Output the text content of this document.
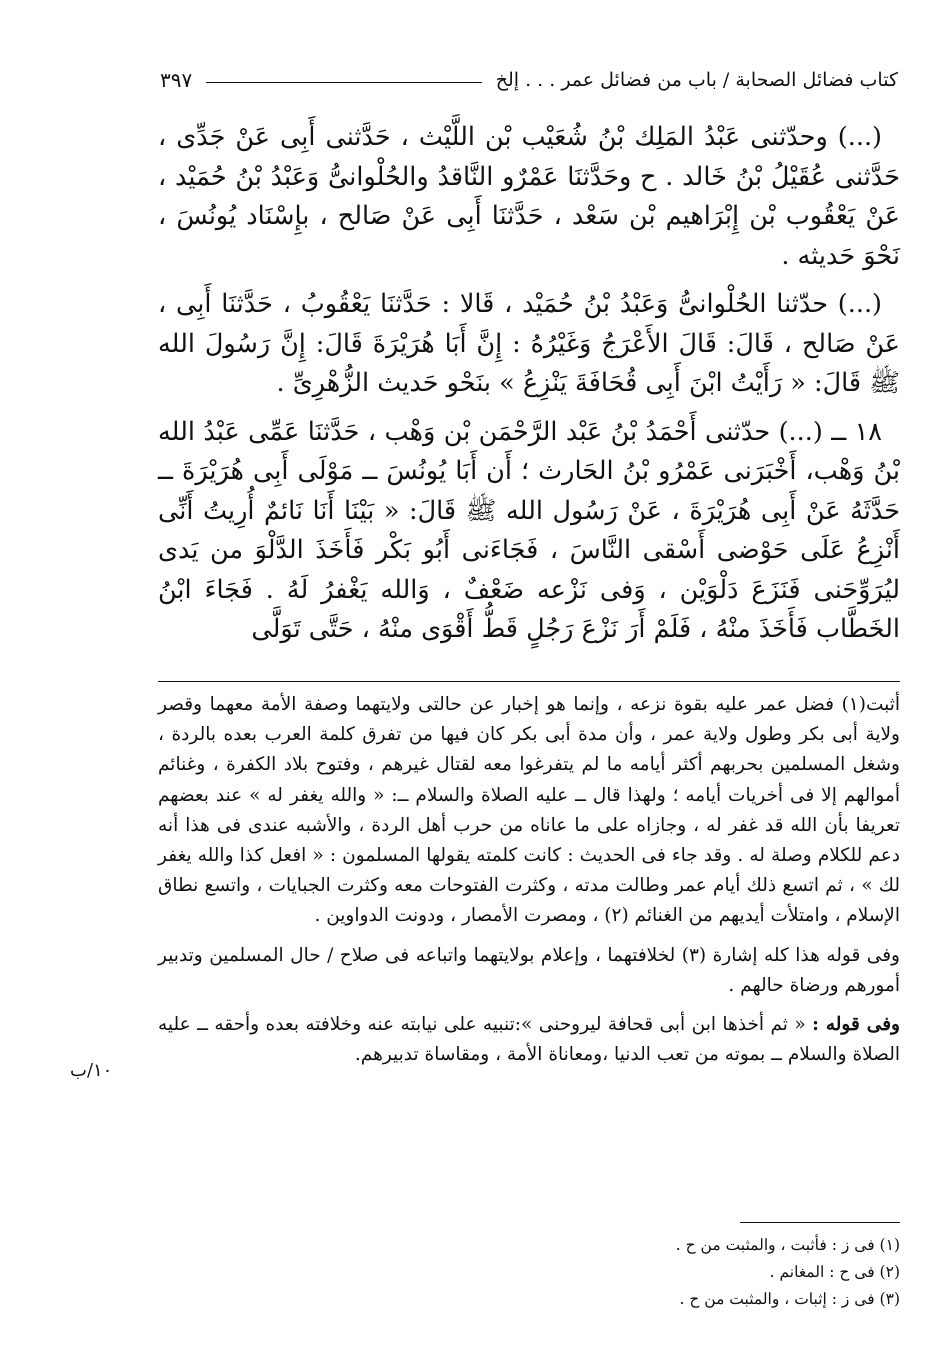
كتاب فضائل الصحابة / باب من فضائل عمر . . . إلخ
٣٩٧

(...) وحدّثنى عَبْدُ المَلِك بْنُ شُعَيْب بْن اللَّيْث ، حَدَّثنى أَبِى عَنْ جَدِّى ، حَدَّثنى عُقَيْلُ بْنُ خَالد . ح وحَدَّثنَا عَمْرٌو النَّاقدُ والحُلْوانىُّ وَعَبْدُ بْنُ حُمَيْد ، عَنْ يَعْقُوب بْن إِبْرَاهيم بْن سَعْد ، حَدَّثنَا أَبِى عَنْ صَالح ، بإِسْنَاد يُونُسَ ، نَحْوَ حَديثه .

(...) حدّثنا الحُلْوانىُّ وَعَبْدُ بْنُ حُمَيْد ، قَالا : حَدَّثنَا يَعْقُوبُ ، حَدَّثنَا أَبِى ، عَنْ صَالح ، قَالَ: قَالَ الأَعْرَجُ وَغَيْرُهُ : إِنَّ أَبَا هُرَيْرَةَ قَالَ: إِنَّ رَسُولَ الله ﷺ قَالَ: « رَأَيْتُ ابْنَ أَبِى قُحَافَةَ يَنْزِعُ » بنَحْو حَديث الزُّهْرِىِّ .

١٨ ــ (...) حدّثنى أَحْمَدُ بْنُ عَبْد الرَّحْمَن بْن وَهْب ، حَدَّثنَا عَمِّى عَبْدُ الله بْنُ وَهْب، أَخْبَرَنى عَمْرُو بْنُ الحَارث ؛ أَن أَبَا يُونُسَ ــ مَوْلَى أَبِى هُرَيْرَةَ ــ حَدَّثَهُ عَنْ أَبِى هُرَيْرَةَ ، عَنْ رَسُول الله ﷺ قَالَ: « بَيْنَا أَنَا نَائمٌ أُرِيتُ أَنِّى أَنْزِعُ عَلَى حَوْضى أَسْقى النَّاسَ ، فَجَاءَنى أَبُو بَكْر فَأَخَذَ الدَّلْوَ من يَدى ليُرَوِّحَنى فَنَزَعَ دَلْوَيْن ، وَفى نَزْعه ضَعْفٌ ، وَالله يَغْفرُ لَهُ . فَجَاءَ ابْنُ الخَطَّاب فَأَخَذَ منْهُ ، فَلَمْ أَرَ نَزْعَ رَجُلٍ قَطُّ أَقْوَى منْهُ ، حَتَّى تَوَلَّى

أثبت(١) فضل عمر عليه بقوة نزعه ، وإنما هو إخبار عن حالتى ولايتهما وصفة الأمة معهما وقصر ولاية أبى بكر وطول ولاية عمر ، وأن مدة أبى بكر كان فيها من تفرق كلمة العرب بعده بالردة ، وشغل المسلمين بحربهم أكثر أيامه ما لم يتفرغوا معه لقتال غيرهم ، وفتوح بلاد الكفرة ، وغنائم أموالهم إلا فى أخريات أيامه ؛ ولهذا قال ــ عليه الصلاة والسلام ــ: « والله يغفر له » عند بعضهم تعريفا بأن الله قد غفر له ، وجازاه على ما عاناه من حرب أهل الردة ، والأشبه عندى فى هذا أنه دعم للكلام وصلة له . وقد جاء فى الحديث : كانت كلمته يقولها المسلمون : « افعل كذا والله يغفر لك » ، ثم اتسع ذلك أيام عمر وطالت مدته ، وكثرت الفتوحات معه وكثرت الجبايات ، واتسع نطاق الإسلام ، وامتلأت أيديهم من الغنائم (٢) ، ومصرت الأمصار ، ودونت الدواوين .

وفى قوله هذا كله إشارة (٣) لخلافتهما ، وإعلام بولايتهما واتباعه فى صلاح / حال المسلمين وتدبير أمورهم ورضاة حالهم .

وفى قوله : « ثم أخذها ابن أبى قحافة ليروحنى »:تنبيه على نيابته عنه وخلافته بعده وأحقه ــ عليه الصلاة والسلام ــ بموته من تعب الدنيا ،ومعاناة الأمة ، ومقاساة تدبيرهم.

١٠/ب

(١) فى ز : فأثبت ، والمثبت من ح .

(٢) فى ح : المغانم .

(٣) فى ز : إثبات ، والمثبت من ح .
